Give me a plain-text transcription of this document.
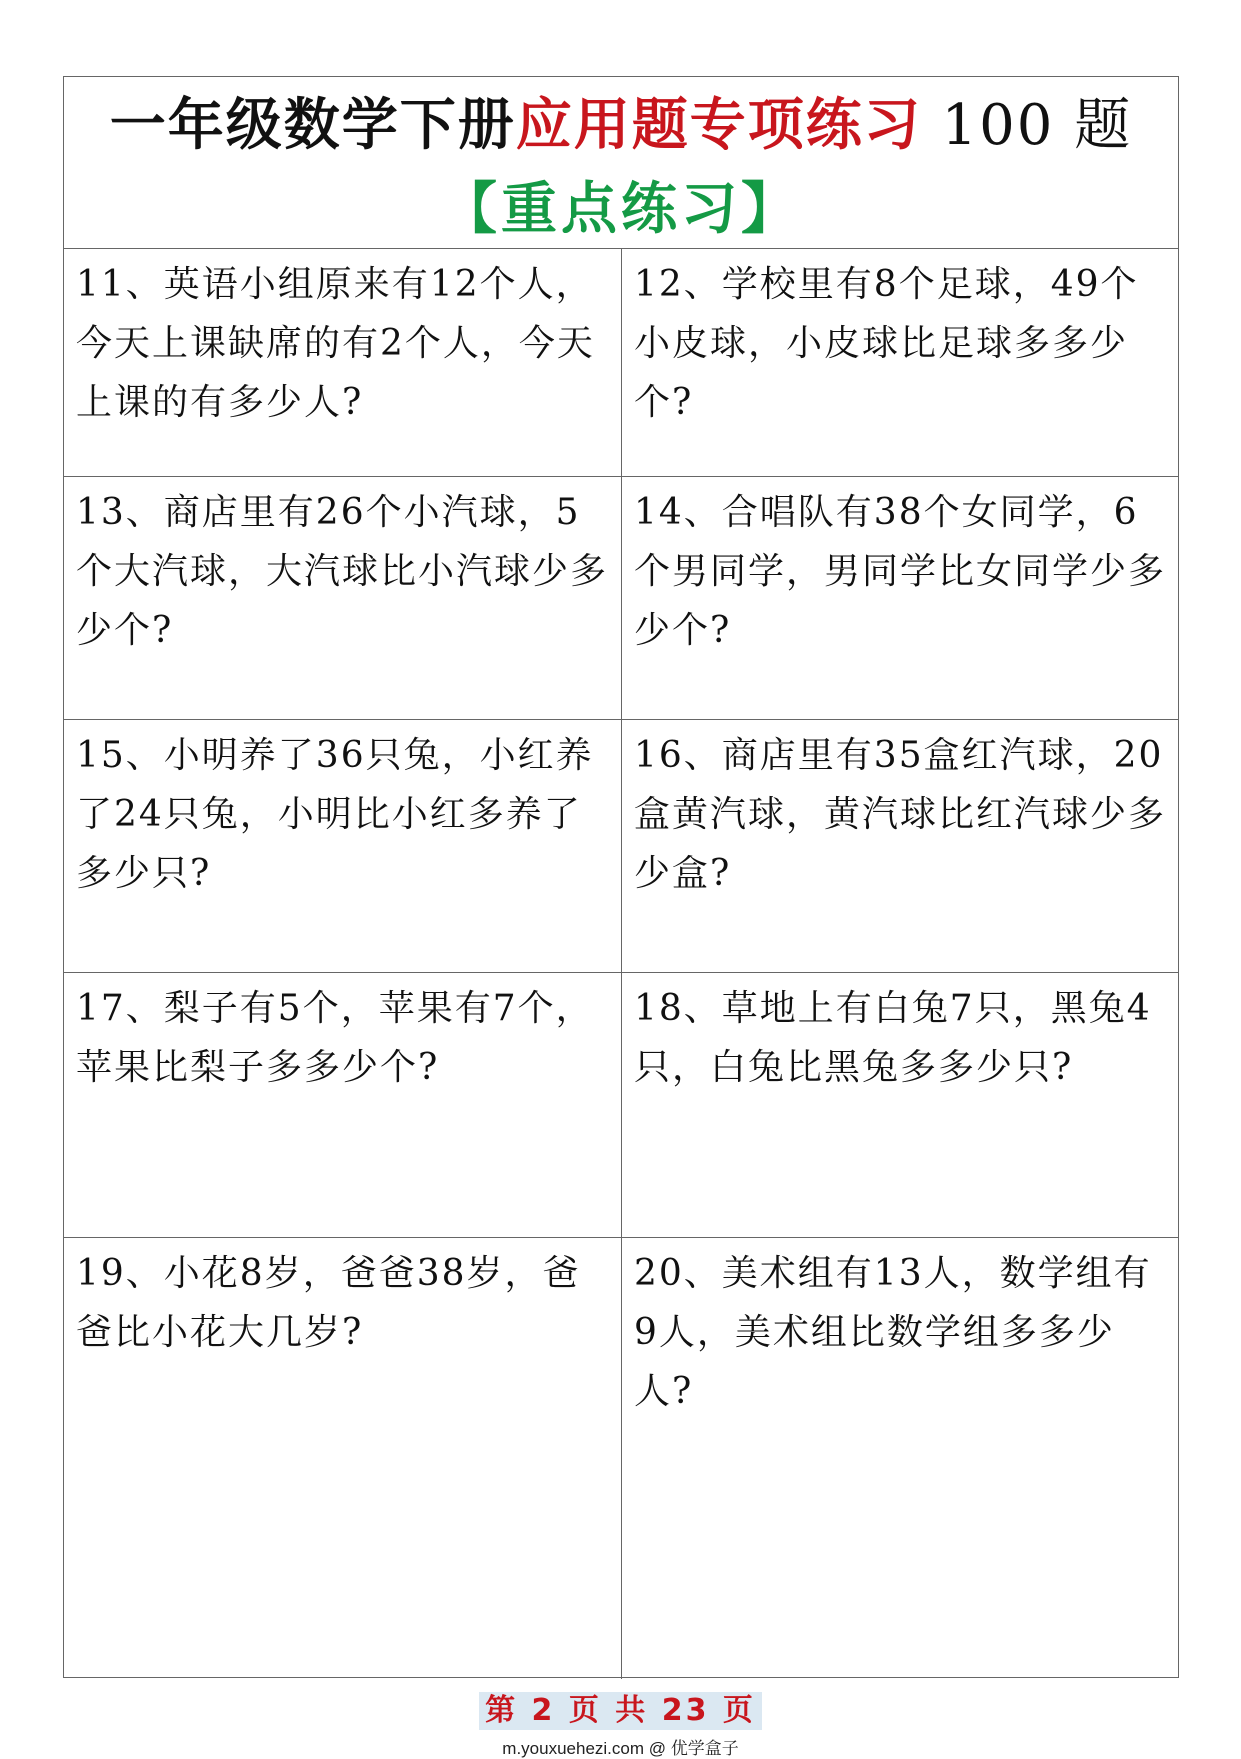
一年级数学下册应用题专项练习 100 题
【重点练习】
11、英语小组原来有12个人，今天上课缺席的有2个人，今天上课的有多少人?
12、学校里有8个足球，49个小皮球，小皮球比足球多多少个?
13、商店里有26个小汽球，5个大汽球，大汽球比小汽球少多少个?
14、合唱队有38个女同学，6个男同学，男同学比女同学少多少个?
15、小明养了36只兔，小红养了24只兔，小明比小红多养了多少只?
16、商店里有35盒红汽球，20盒黄汽球，黄汽球比红汽球少多少盒?
17、梨子有5个，苹果有7个，苹果比梨子多多少个?
18、草地上有白兔7只，黑兔4只，白兔比黑兔多多少只?
19、小花8岁，爸爸38岁，爸爸比小花大几岁?
20、美术组有13人，数学组有9人，美术组比数学组多多少人?
第 2 页 共 23 页
m.youxuehezi.com @ 优学盒子
